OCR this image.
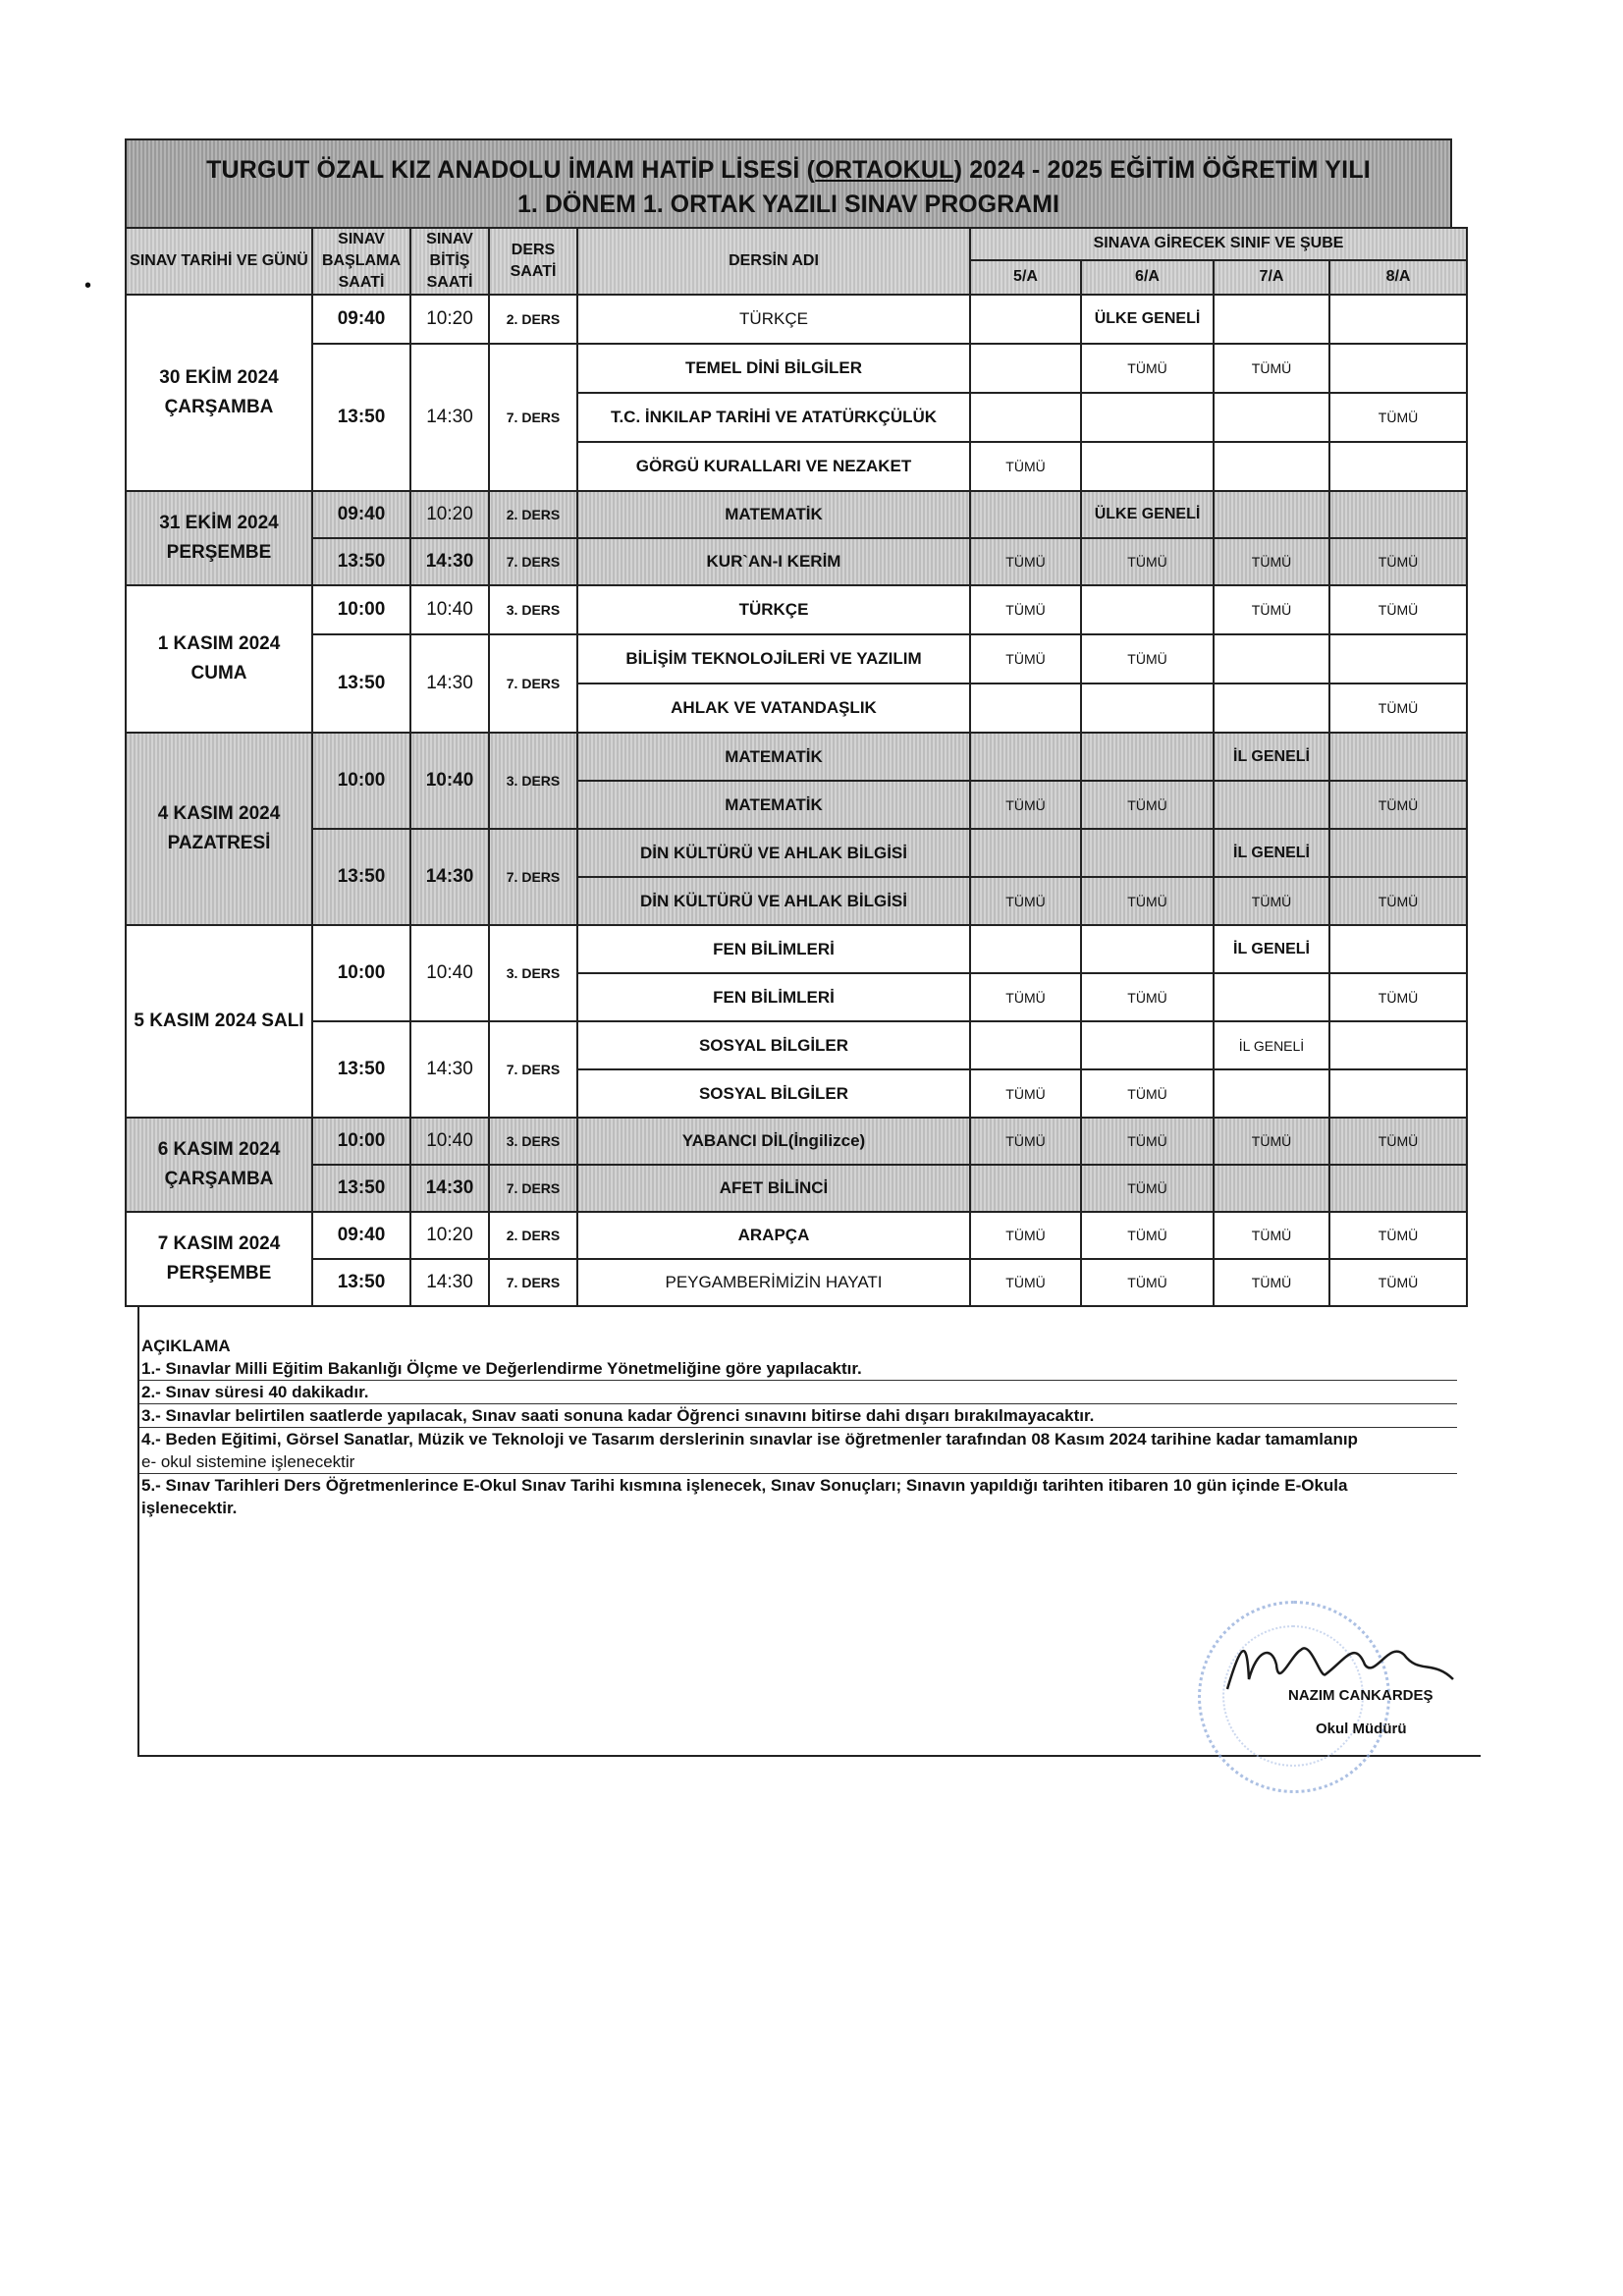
•
TURGUT ÖZAL KIZ ANADOLU İMAM HATİP LİSESİ (ORTAOKUL) 2024 - 2025 EĞİTİM ÖĞRETİM YILI
1. DÖNEM 1. ORTAK YAZILI SINAV PROGRAMI
SINAV TARİHİ VE GÜNÜ	SINAV BAŞLAMA SAATİ	SINAV BİTİŞ SAATİ	DERS SAATİ	DERSİN ADI	SINAVA GİRECEK SINIF VE ŞUBE			
					5/A	6/A	7/A	8/A
30 EKİM 2024
ÇARŞAMBA	09:40	10:20	2. DERS	TÜRKÇE		ÜLKE GENELİ		
	13:50	14:30	7. DERS	TEMEL DİNİ BİLGİLER		TÜMÜ	TÜMÜ	
				T.C. İNKILAP TARİHİ VE ATATÜRKÇÜLÜK				TÜMÜ
				GÖRGÜ KURALLARI VE NEZAKET	TÜMÜ			
31 EKİM 2024
PERŞEMBE	09:40	10:20	2. DERS	MATEMATİK		ÜLKE GENELİ		
	13:50	14:30	7. DERS	KUR`AN-I KERİM	TÜMÜ	TÜMÜ	TÜMÜ	TÜMÜ
1 KASIM 2024
CUMA	10:00	10:40	3. DERS	TÜRKÇE	TÜMÜ		TÜMÜ	TÜMÜ
	13:50	14:30	7. DERS	BİLİŞİM TEKNOLOJİLERİ VE YAZILIM	TÜMÜ	TÜMÜ		
				AHLAK VE VATANDAŞLIK				TÜMÜ
4 KASIM 2024
PAZATRESİ	10:00	10:40	3. DERS	MATEMATİK			İL GENELİ	
				MATEMATİK	TÜMÜ	TÜMÜ		TÜMÜ
	13:50	14:30	7. DERS	DİN KÜLTÜRÜ VE AHLAK BİLGİSİ			İL GENELİ	
				DİN KÜLTÜRÜ VE AHLAK BİLGİSİ	TÜMÜ	TÜMÜ	TÜMÜ	TÜMÜ
5 KASIM 2024 SALI	10:00	10:40	3. DERS	FEN BİLİMLERİ			İL GENELİ	
				FEN BİLİMLERİ	TÜMÜ	TÜMÜ		TÜMÜ
	13:50	14:30	7. DERS	SOSYAL BİLGİLER			İL GENELİ	
				SOSYAL BİLGİLER	TÜMÜ	TÜMÜ		
6 KASIM 2024
ÇARŞAMBA	10:00	10:40	3. DERS	YABANCI DİL(İngilizce)	TÜMÜ	TÜMÜ	TÜMÜ	TÜMÜ
	13:50	14:30	7. DERS	AFET BİLİNCİ		TÜMÜ		
7 KASIM 2024
PERŞEMBE	09:40	10:20	2. DERS	ARAPÇA	TÜMÜ	TÜMÜ	TÜMÜ	TÜMÜ
	13:50	14:30	7. DERS	PEYGAMBERİMİZİN HAYATI	TÜMÜ	TÜMÜ	TÜMÜ	TÜMÜ
AÇIKLAMA
1.- Sınavlar Milli Eğitim Bakanlığı Ölçme ve Değerlendirme Yönetmeliğine göre yapılacaktır.
2.- Sınav süresi 40 dakikadır.
3.- Sınavlar belirtilen saatlerde yapılacak, Sınav saati sonuna kadar Öğrenci sınavını bitirse dahi dışarı bırakılmayacaktır.
4.- Beden Eğitimi, Görsel Sanatlar, Müzik ve Teknoloji ve Tasarım derslerinin sınavlar ise öğretmenler tarafından 08 Kasım 2024 tarihine kadar tamamlanıp
e- okul sistemine işlenecektir
5.- Sınav Tarihleri Ders Öğretmenlerince E-Okul Sınav Tarihi kısmına işlenecek, Sınav Sonuçları; Sınavın yapıldığı tarihten itibaren 10 gün içinde E-Okula
işlenecektir.
NAZIM CANKARDEŞ
Okul Müdürü
